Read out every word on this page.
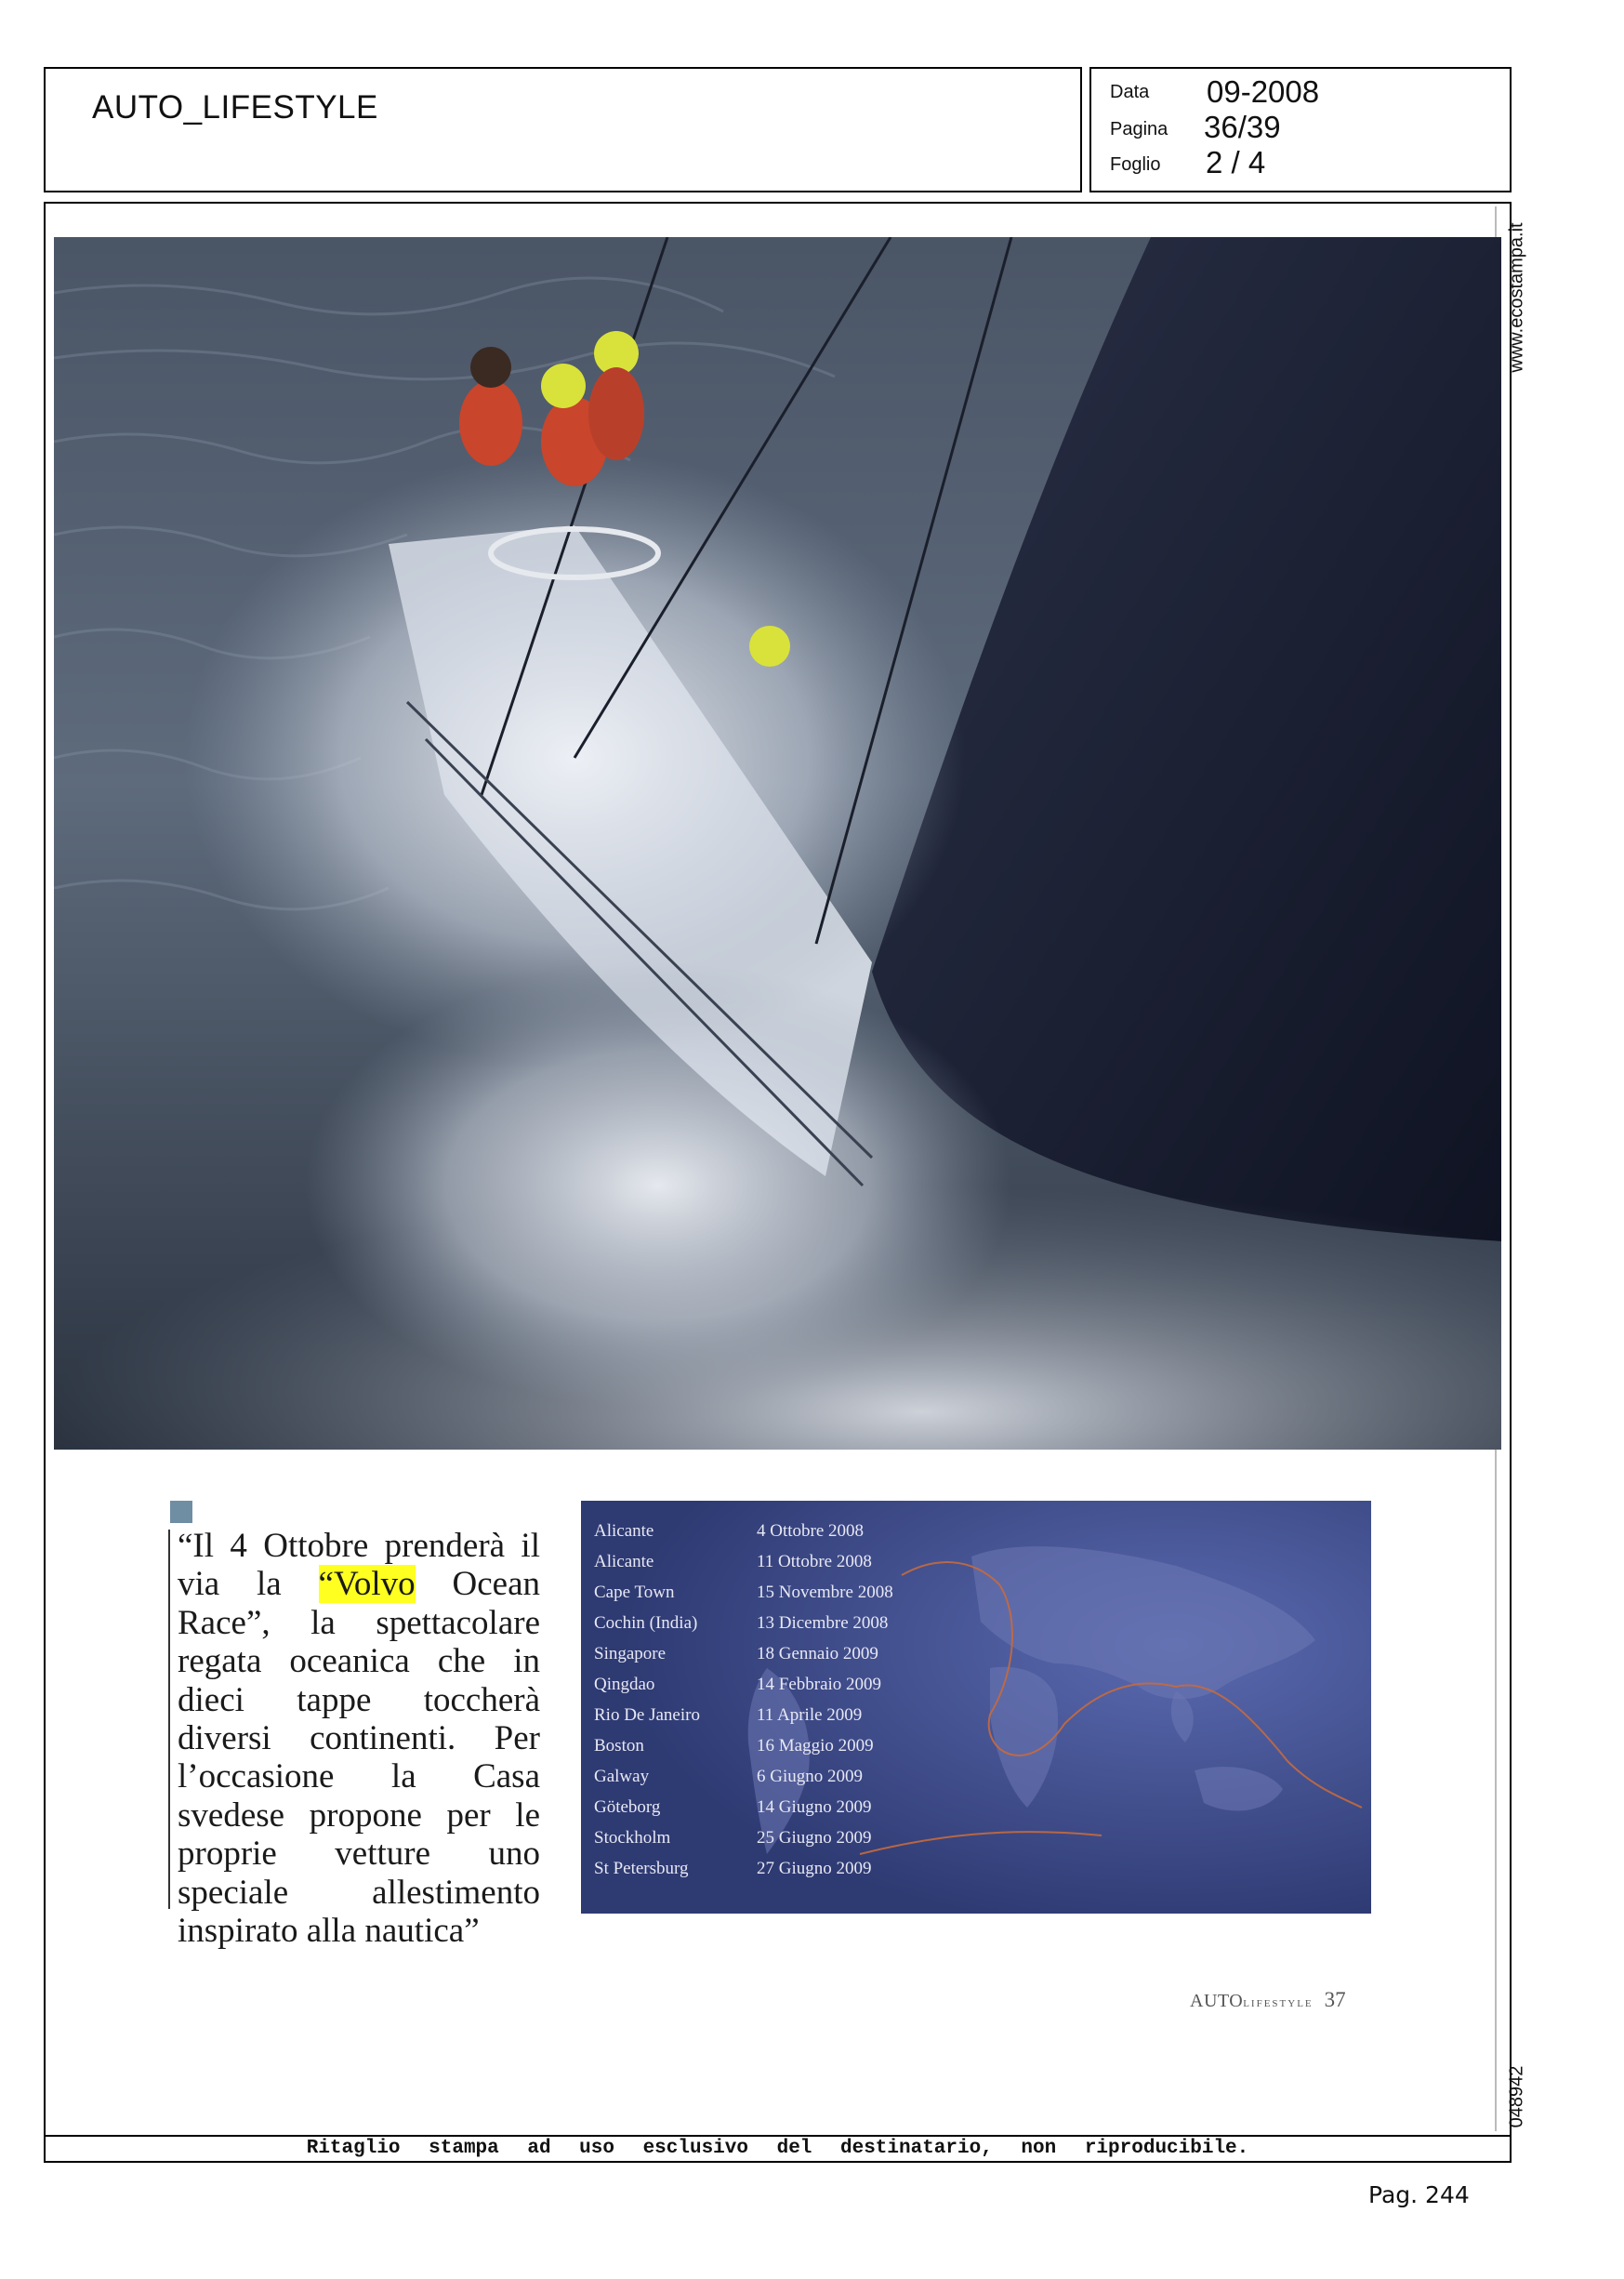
AUTO_LIFESTYLE	Data 09-2008
Pagina 36/39
Foglio 2 / 4
www.ecostampa.it
048942

“Il 4 Ottobre prenderà il via la “Volvo Ocean Race”, la spettacolare regata oceanica che in dieci tappe toccherà diversi continenti. Per l’occasione la Casa svedese propone per le proprie vetture uno speciale allestimento inspirato alla nautica”

Alicante	4 Ottobre 2008
Alicante	11 Ottobre 2008
Cape Town	15 Novembre 2008
Cochin (India)	13 Dicembre 2008
Singapore	18 Gennaio 2009
Qingdao	14 Febbraio 2009
Rio De Janeiro	11 Aprile 2009
Boston	16 Maggio 2009
Galway	6 Giugno 2009
Göteborg	14 Giugno 2009
Stockholm	25 Giugno 2009
St Petersburg	27 Giugno 2009
AUTOLIFESTYLE 37
Ritaglio stampa ad uso esclusivo del destinatario, non riproducibile.
Pag. 244
